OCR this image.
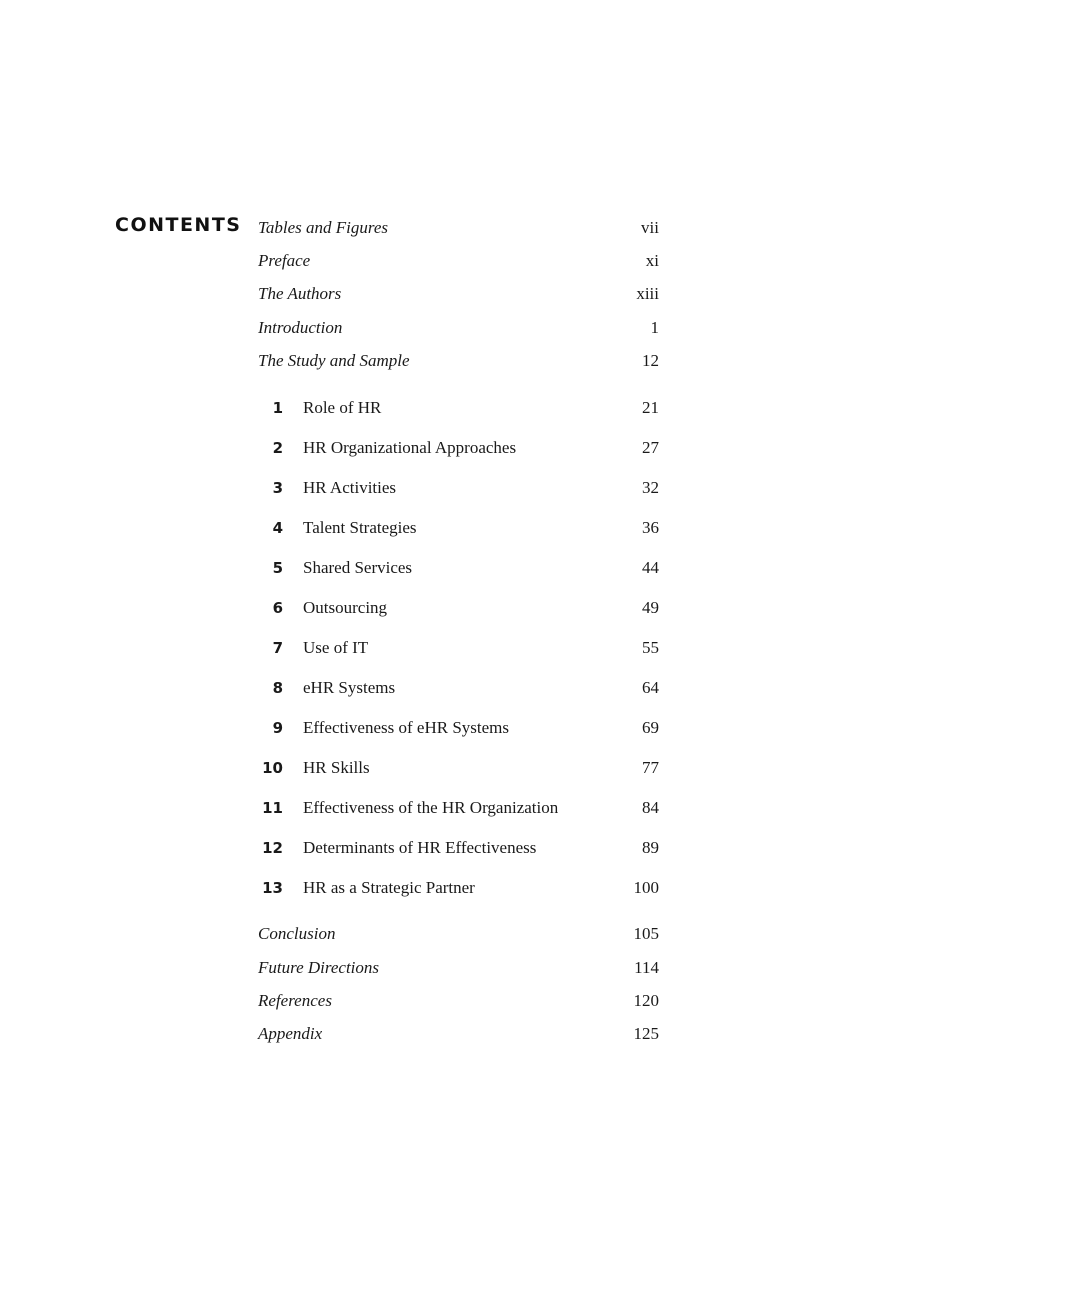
CONTENTS Tables and Figures	vii
Preface	xi
The Authors	xiii
Introduction	1
The Study and Sample	12
1 Role of HR	21
2 HR Organizational Approaches	27
3 HR Activities	32
4 Talent Strategies	36
5 Shared Services	44
6 Outsourcing	49
7 Use of IT	55
8 eHR Systems	64
9 Effectiveness of eHR Systems	69
10 HR Skills	77
11 Effectiveness of the HR Organization	84
12 Determinants of HR Effectiveness	89
13 HR as a Strategic Partner	100
Conclusion	105
Future Directions	114
References	120
Appendix	125
